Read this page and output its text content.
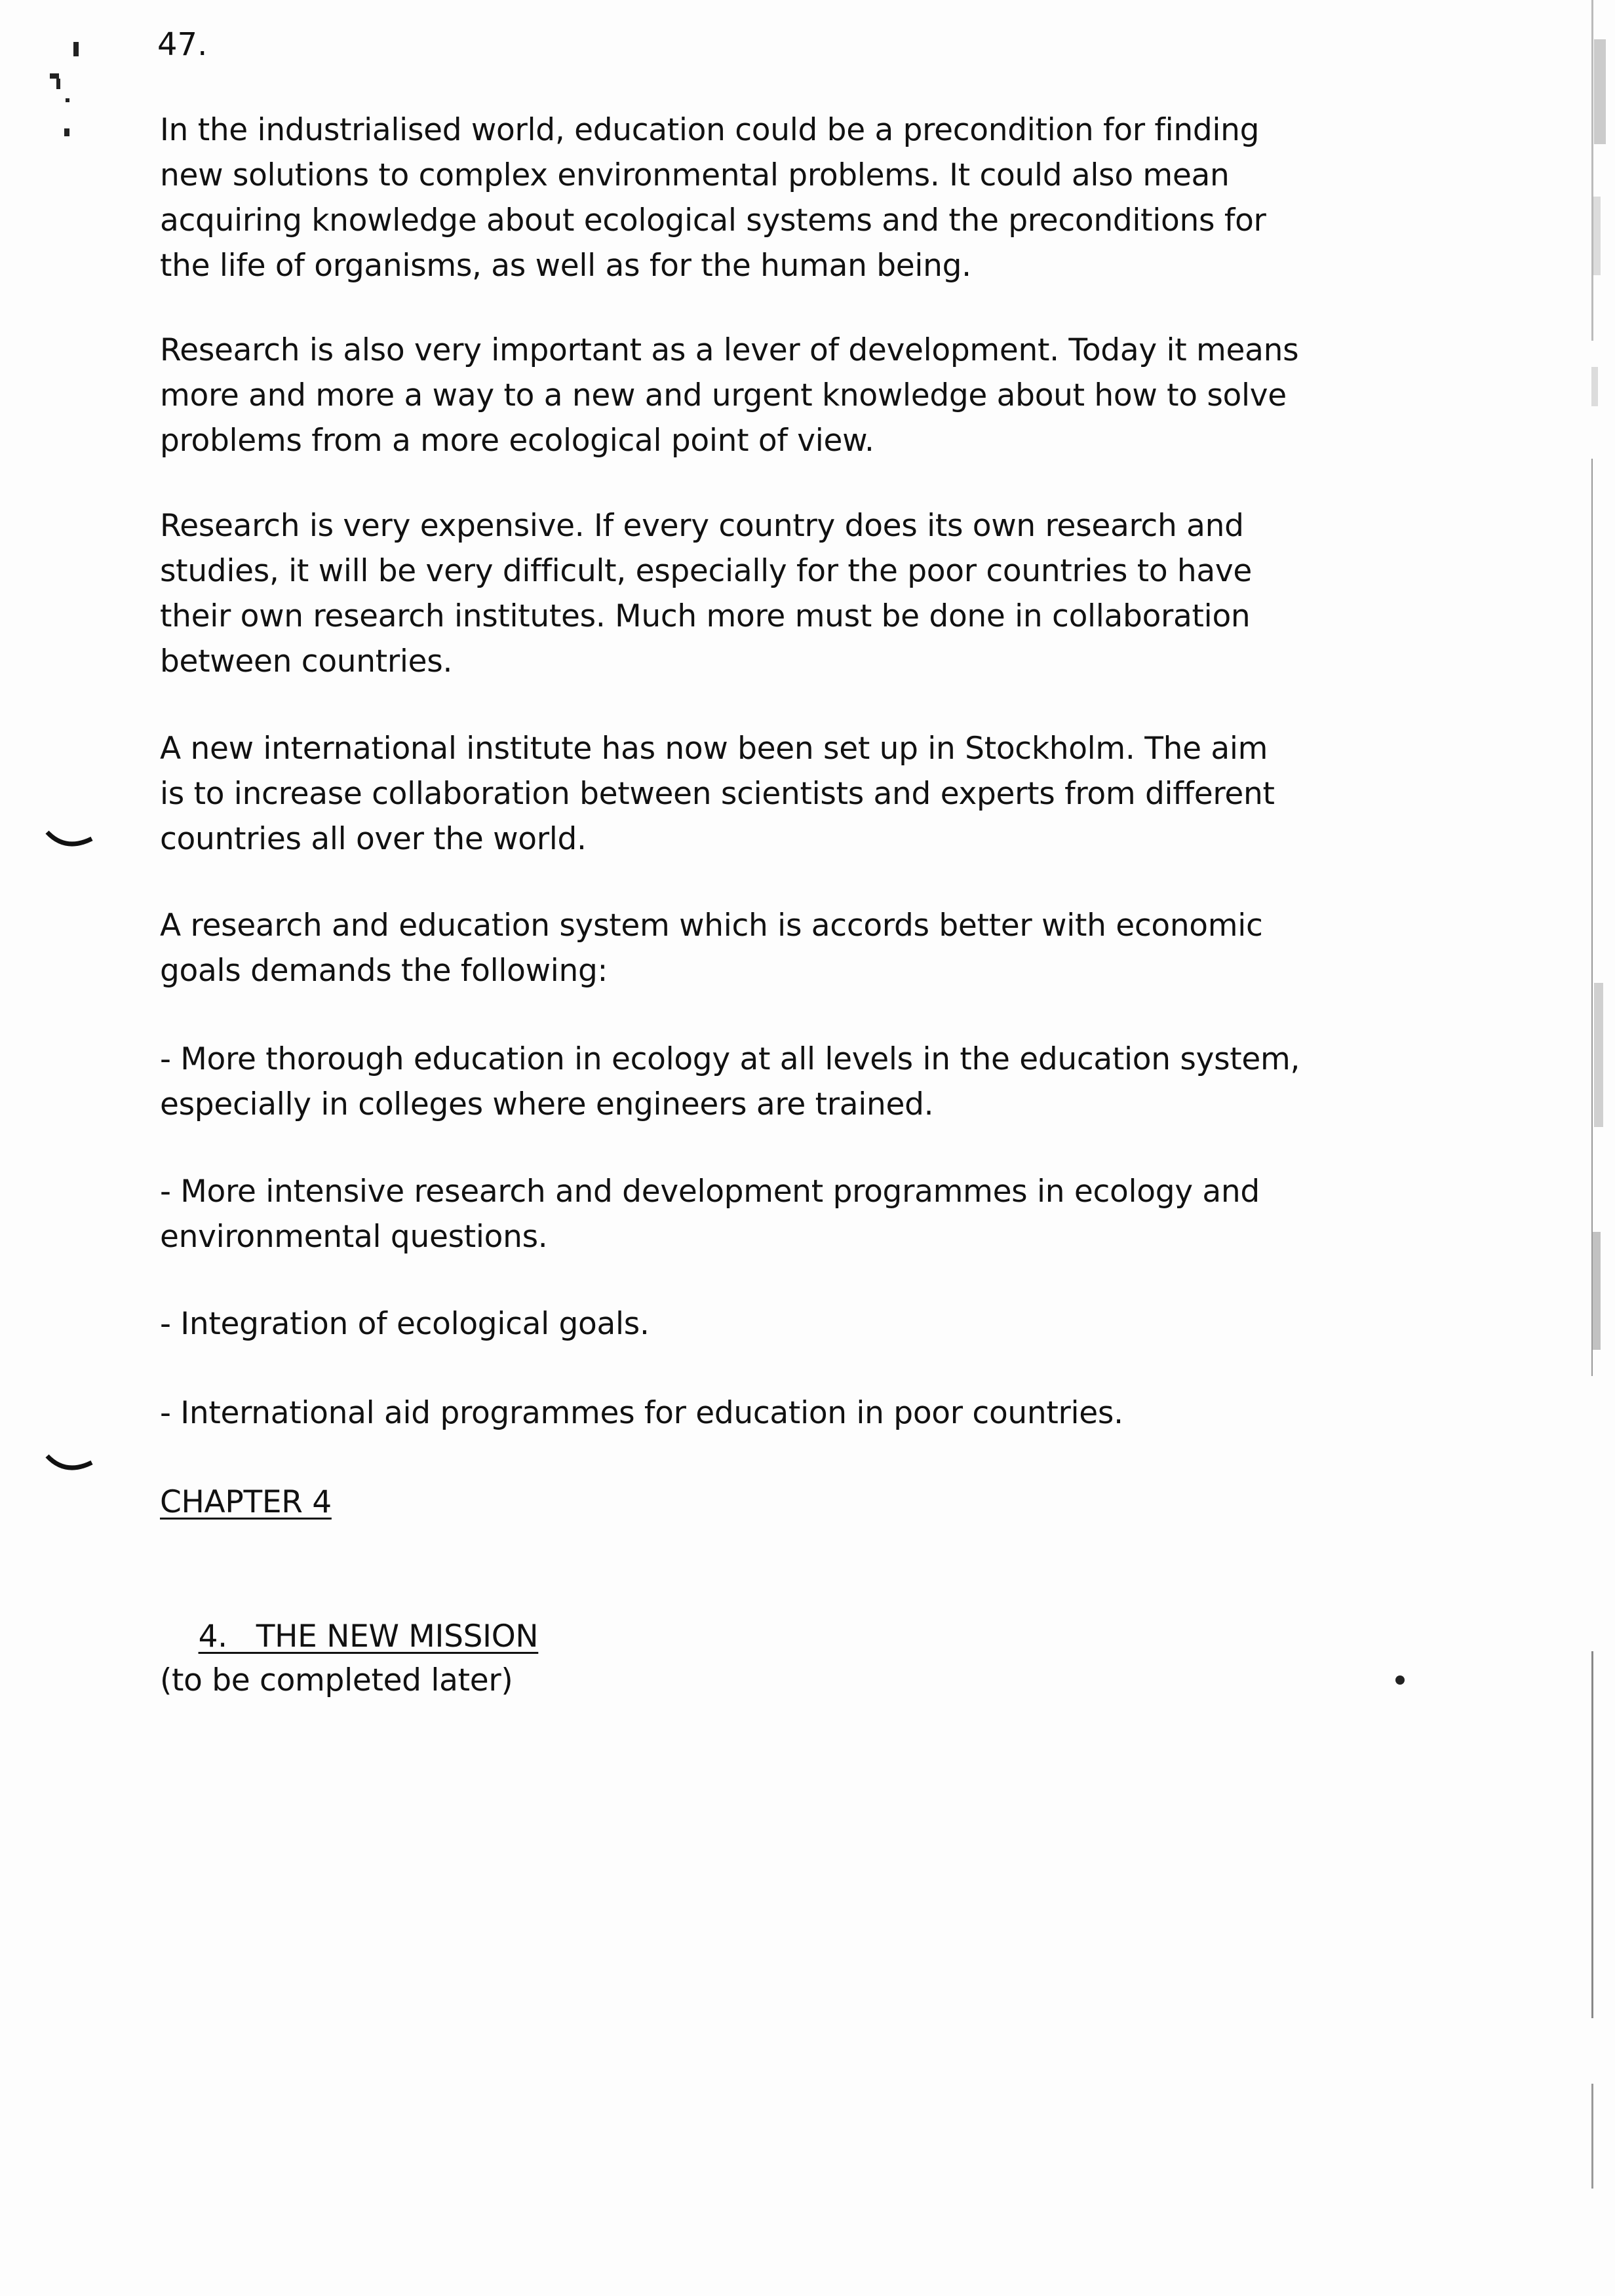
47.

In the industrialised world, education could be a precondition for finding
new solutions to complex environmental problems. It could also mean
acquiring knowledge about ecological systems and the preconditions for
the life of organisms, as well as for the human being.

Research is also very important as a lever of development. Today it means
more and more a way to a new and urgent knowledge about how to solve
problems from a more ecological point of view.

Research is very expensive. If every country does its own research and
studies, it will be very difficult, especially for the poor countries to have
their own research institutes. Much more must be done in collaboration
between countries.

A new international institute has now been set up in Stockholm. The aim
is to increase collaboration between scientists and experts from different
countries all over the world.

A research and education system which is accords better with economic
goals demands the following:

- More thorough education in ecology at all levels in the education system,
especially in colleges where engineers are trained.

- More intensive research and development programmes in ecology and
environmental questions.

- Integration of ecological goals.

- International aid programmes for education in poor countries.

CHAPTER 4

4.   THE NEW MISSION

(to be completed later)
